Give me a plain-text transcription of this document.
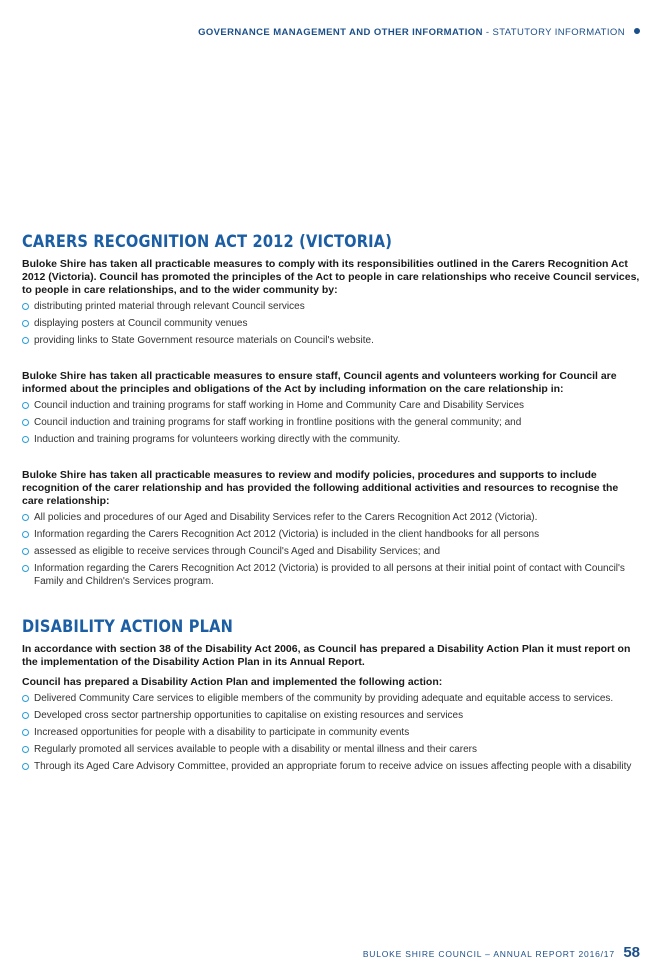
GOVERNANCE MANAGEMENT AND OTHER INFORMATION - STATUTORY INFORMATION
CARERS RECOGNITION ACT 2012 (VICTORIA)

Buloke Shire has taken all practicable measures to comply with its responsibilities outlined in the Carers Recognition Act 2012 (Victoria). Council has promoted the principles of the Act to people in care relationships who receive Council services, to people in care relationships, and to the wider community by:

distributing printed material through relevant Council services
displaying posters at Council community venues
providing links to State Government resource materials on Council's website.

Buloke Shire has taken all practicable measures to ensure staff, Council agents and volunteers working for Council are informed about the principles and obligations of the Act by including information on the care relationship in:

Council induction and training programs for staff working in Home and Community Care and Disability Services
Council induction and training programs for staff working in frontline positions with the general community; and
Induction and training programs for volunteers working directly with the community.

Buloke Shire has taken all practicable measures to review and modify policies, procedures and supports to include recognition of the carer relationship and has provided the following additional activities and resources to recognise the care relationship:

All policies and procedures of our Aged and Disability Services refer to the Carers Recognition Act 2012 (Victoria).
Information regarding the Carers Recognition Act 2012 (Victoria) is included in the client handbooks for all persons
assessed as eligible to receive services through Council's Aged and Disability Services; and
Information regarding the Carers Recognition Act 2012 (Victoria) is provided to all persons at their initial point of contact with Council's Family and Children's Services program.
DISABILITY ACTION PLAN

In accordance with section 38 of the Disability Act 2006, as Council has prepared a Disability Action Plan it must report on the implementation of the Disability Action Plan in its Annual Report.

Council has prepared a Disability Action Plan and implemented the following action:

Delivered Community Care services to eligible members of the community by providing adequate and equitable access to services.
Developed cross sector partnership opportunities to capitalise on existing resources and services
Increased opportunities for people with a disability to participate in community events
Regularly promoted all services available to people with a disability or mental illness and their carers
Through its Aged Care Advisory Committee, provided an appropriate forum to receive advice on issues affecting people with a disability
BULOKE SHIRE COUNCIL – ANNUAL REPORT 2016/17 58
